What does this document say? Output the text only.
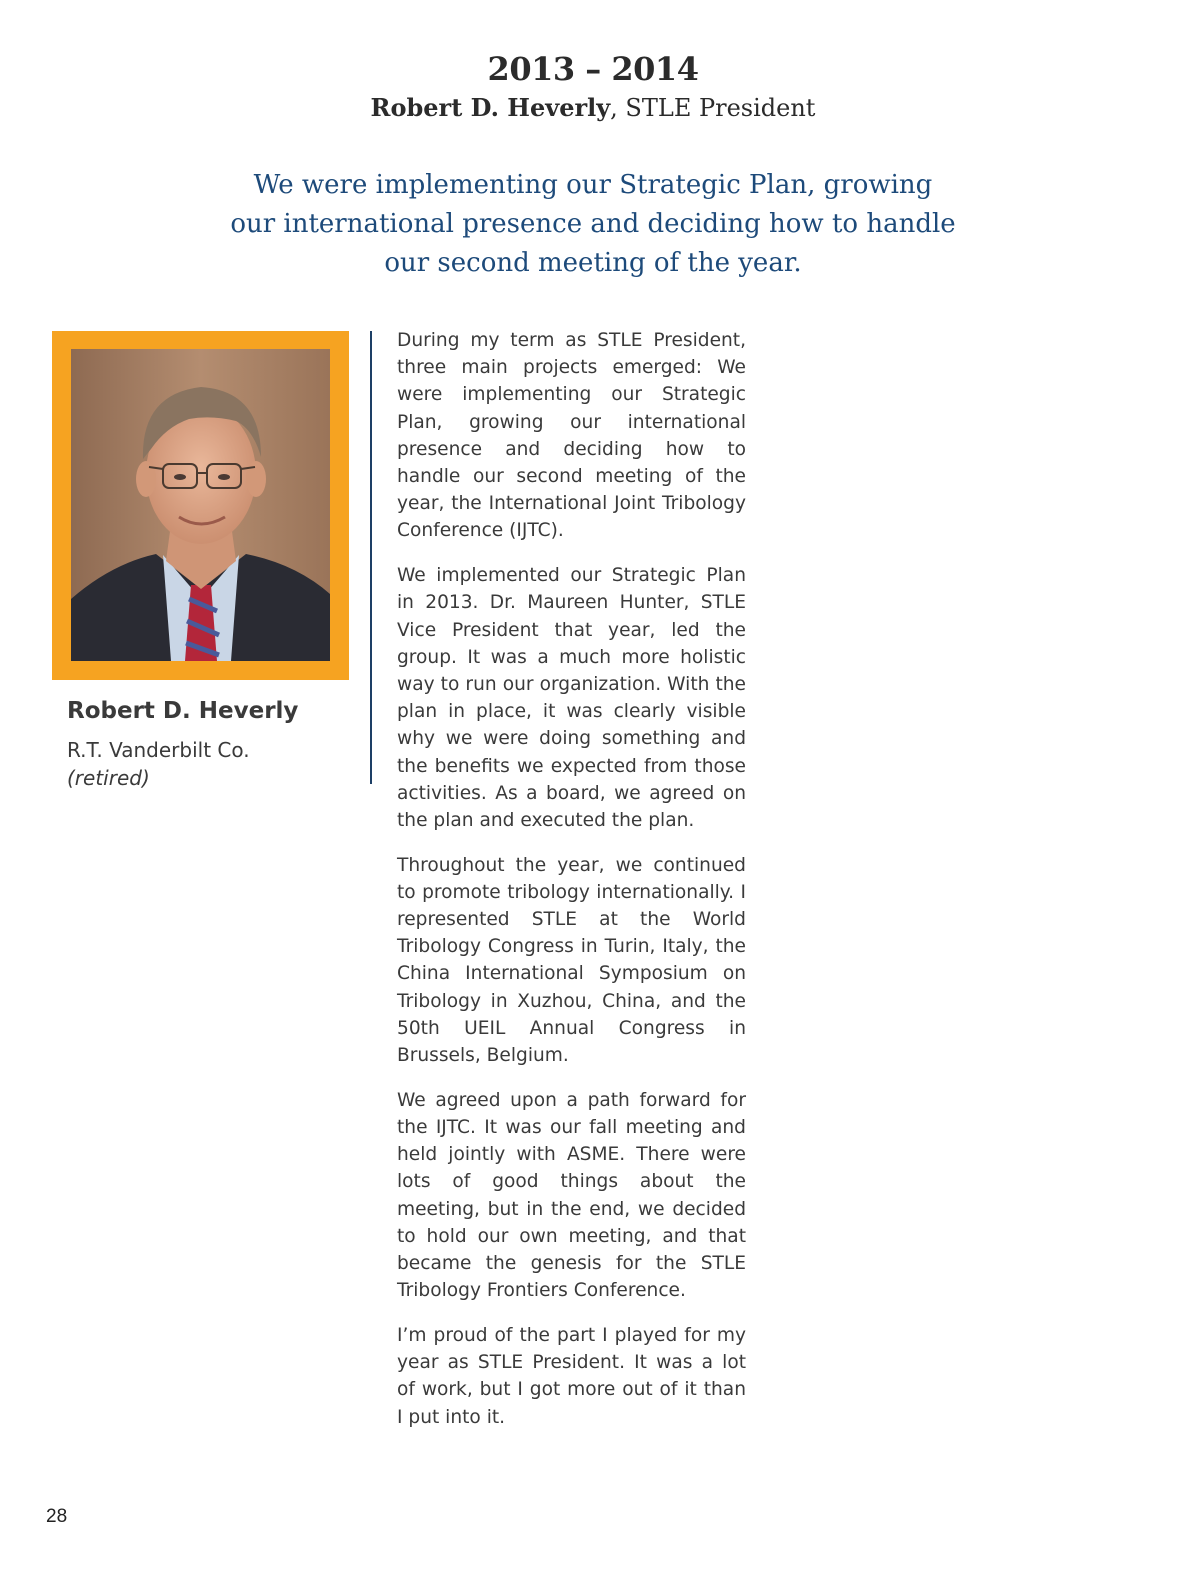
2013 – 2014
Robert D. Heverly, STLE President
We were implementing our Strategic Plan, growing our international presence and deciding how to handle our second meeting of the year.
Robert D. Heverly
R.T. Vanderbilt Co.
(retired)

During my term as STLE President, three main projects emerged: We were implementing our Strategic Plan, growing our international presence and deciding how to handle our second meeting of the year, the International Joint Tribology Conference (IJTC).

We implemented our Strategic Plan in 2013. Dr. Maureen Hunter, STLE Vice President that year, led the group. It was a much more holistic way to run our organization. With the plan in place, it was clearly visible why we were doing something and the benefits we expected from those activities. As a board, we agreed on the plan and executed the plan.

Throughout the year, we continued to promote tribology internationally. I represented STLE at the World Tribology Congress in Turin, Italy, the China International Symposium on Tribology in Xuzhou, China, and the 50th UEIL Annual Congress in Brussels, Belgium.

We agreed upon a path forward for the IJTC. It was our fall meeting and held jointly with ASME. There were lots of good things about the meeting, but in the end, we decided to hold our own meeting, and that became the genesis for the STLE Tribology Frontiers Conference.

I’m proud of the part I played for my year as STLE President. It was a lot of work, but I got more out of it than I put into it.

28
